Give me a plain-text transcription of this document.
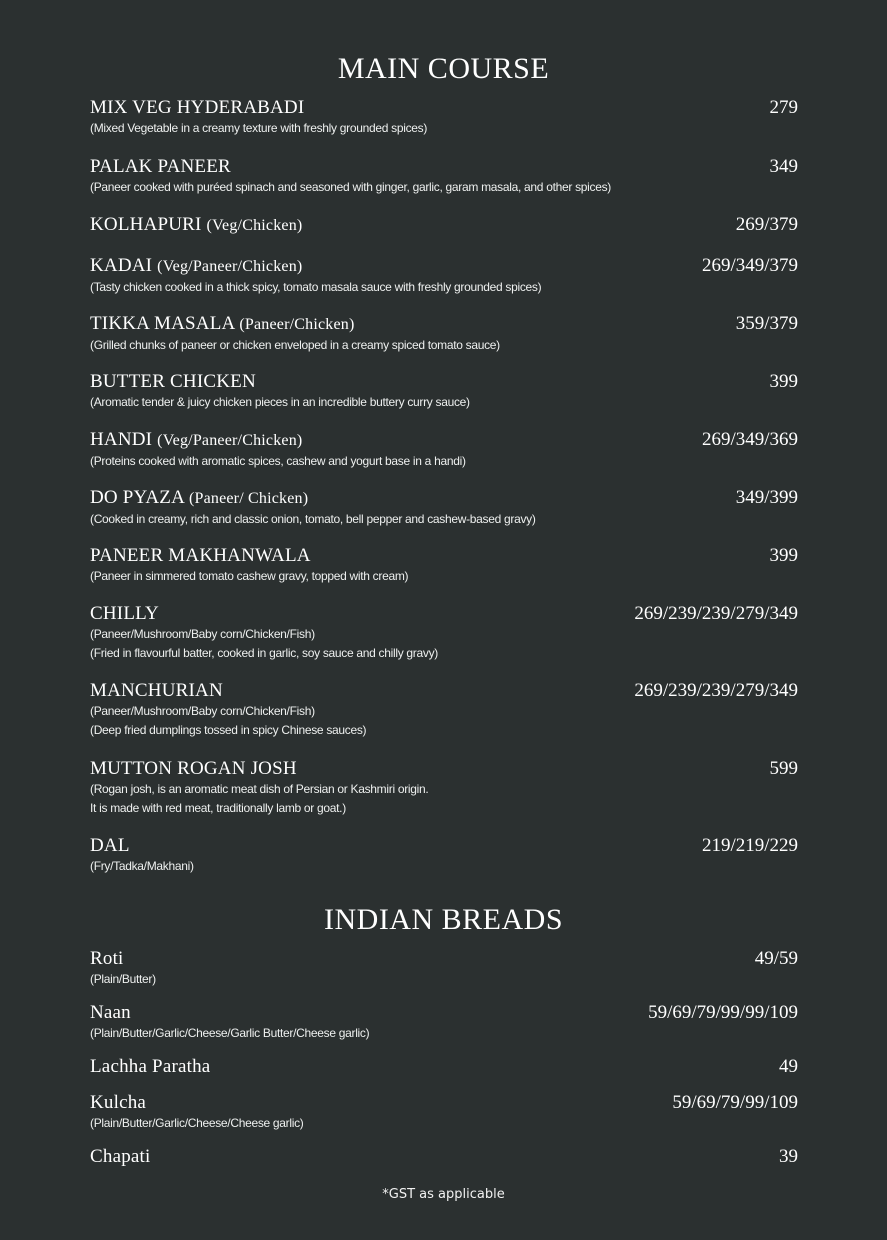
MAIN COURSE
MIX VEG HYDERABADI	279
(Mixed Vegetable in a creamy texture with freshly grounded spices)
PALAK PANEER	349
(Paneer cooked with puréed spinach and seasoned with ginger, garlic, garam masala, and other spices)
KOLHAPURI (Veg/Chicken)	269/379
KADAI (Veg/Paneer/Chicken)	269/349/379
(Tasty chicken cooked in a thick spicy, tomato masala sauce with freshly grounded spices)
TIKKA MASALA (Paneer/Chicken)	359/379
(Grilled chunks of paneer or chicken enveloped in a creamy spiced tomato sauce)
BUTTER CHICKEN	399
(Aromatic tender & juicy chicken pieces in an incredible buttery curry sauce)
HANDI (Veg/Paneer/Chicken)	269/349/369
(Proteins cooked with aromatic spices, cashew and yogurt base in a handi)
DO PYAZA (Paneer/ Chicken)	349/399
(Cooked in creamy, rich and classic onion, tomato, bell pepper and cashew-based gravy)
PANEER MAKHANWALA	399
(Paneer in simmered tomato cashew gravy, topped with cream)
CHILLY	269/239/239/279/349
(Paneer/Mushroom/Baby corn/Chicken/Fish)
(Fried in flavourful batter, cooked in garlic, soy sauce and chilly gravy)
MANCHURIAN	269/239/239/279/349
(Paneer/Mushroom/Baby corn/Chicken/Fish)
(Deep fried dumplings tossed in spicy Chinese sauces)
MUTTON ROGAN JOSH	599
(Rogan josh, is an aromatic meat dish of Persian or Kashmiri origin.
It is made with red meat, traditionally lamb or goat.)
DAL	219/219/229
(Fry/Tadka/Makhani)
INDIAN BREADS
Roti	49/59
(Plain/Butter)
Naan	59/69/79/99/99/109
(Plain/Butter/Garlic/Cheese/Garlic Butter/Cheese garlic)
Lachha Paratha	49
Kulcha	59/69/79/99/109
(Plain/Butter/Garlic/Cheese/Cheese garlic)
Chapati	39
*GST as applicable
